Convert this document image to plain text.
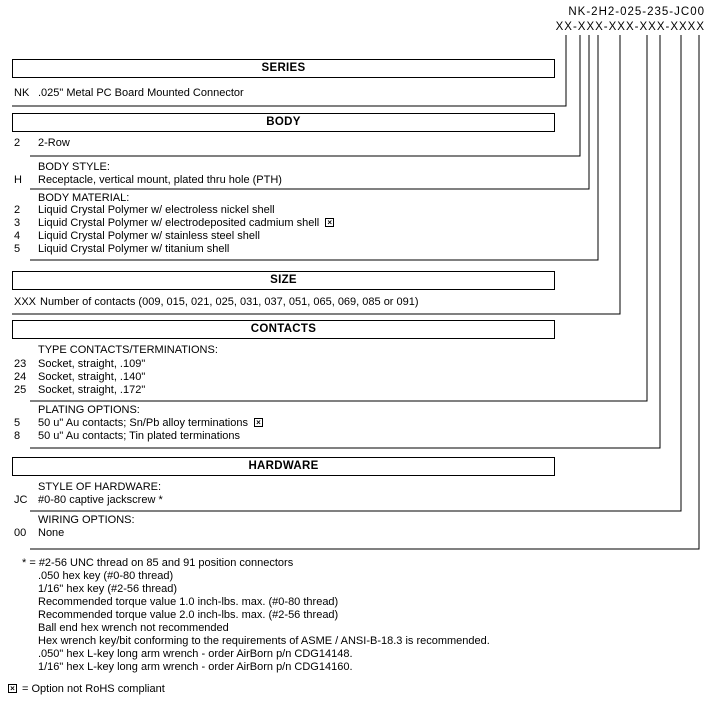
NK-2H2-025-235-JC00
XX-XXX-XXX-XXX-XXXX
SERIES
NK .025" Metal PC Board Mounted Connector
BODY
2 2-Row
BODY STYLE:
H Receptacle, vertical mount, plated thru hole (PTH)
BODY MATERIAL:
2 Liquid Crystal Polymer w/ electroless nickel shell
3 Liquid Crystal Polymer w/ electrodeposited cadmium shell ×
4 Liquid Crystal Polymer w/ stainless steel shell
5 Liquid Crystal Polymer w/ titanium shell
SIZE
XXX Number of contacts (009, 015, 021, 025, 031, 037, 051, 065, 069, 085 or 091)
CONTACTS
TYPE CONTACTS/TERMINATIONS:
23 Socket, straight, .109"
24 Socket, straight, .140"
25 Socket, straight, .172"
PLATING OPTIONS:
5 50 u" Au contacts; Sn/Pb alloy terminations ×
8 50 u" Au contacts; Tin plated terminations
HARDWARE
STYLE OF HARDWARE:
JC #0-80 captive jackscrew *
WIRING OPTIONS:
00 None
* = #2-56 UNC thread on 85 and 91 position connectors
.050 hex key (#0-80 thread)
1/16" hex key (#2-56 thread)
Recommended torque value 1.0 inch-lbs. max. (#0-80 thread)
Recommended torque value 2.0 inch-lbs. max. (#2-56 thread)
Ball end hex wrench not recommended
Hex wrench key/bit conforming to the requirements of ASME / ANSI-B-18.3 is recommended.
.050" hex L-key long arm wrench - order AirBorn p/n CDG14148.
1/16" hex L-key long arm wrench - order AirBorn p/n CDG14160.
× = Option not RoHS compliant
